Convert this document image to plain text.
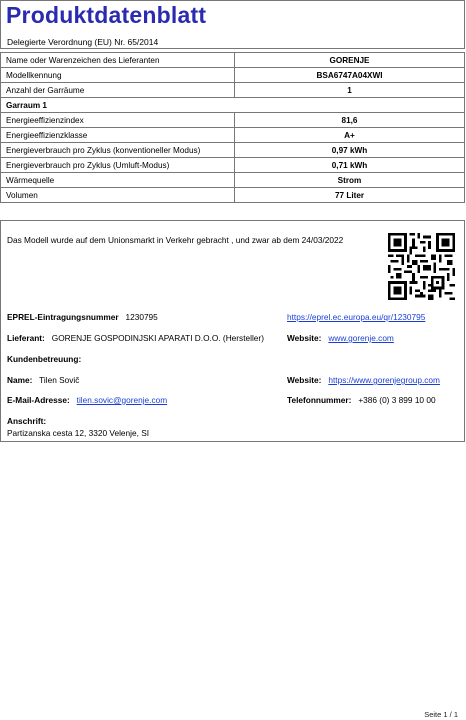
Produktdatenblatt
Delegierte Verordnung (EU) Nr. 65/2014
Name oder Warenzeichen des Lieferanten	GORENJE
Modellkennung	BSA6747A04XWI
Anzahl der Garräume	1
Garraum 1	
Energieeffizienzindex	81,6
Energieeffizienzklasse	A+
Energieverbrauch pro Zyklus (konventioneller Modus)	0,97 kWh
Energieverbrauch pro Zyklus (Umluft-Modus)	0,71 kWh
Wärmequelle	Strom
Volumen	77 Liter
Das Modell wurde auf dem Unionsmarkt in Verkehr gebracht , und zwar ab dem 24/03/2022
EPREL-Eintragungsnummer 1230795	https://eprel.ec.europa.eu/qr/1230795
Lieferant: GORENJE GOSPODINJSKI APARATI D.O.O. (Hersteller)	Website: www.gorenje.com
Kundenbetreuung:
Name: Tilen Sovič	Website: https://www.gorenjegroup.com
E-Mail-Adresse: tilen.sovic@gorenje.com	Telefonnummer: +386 (0) 3 899 10 00
Anschrift:
Partizanska cesta 12, 3320 Velenje, SI
Seite 1 / 1
